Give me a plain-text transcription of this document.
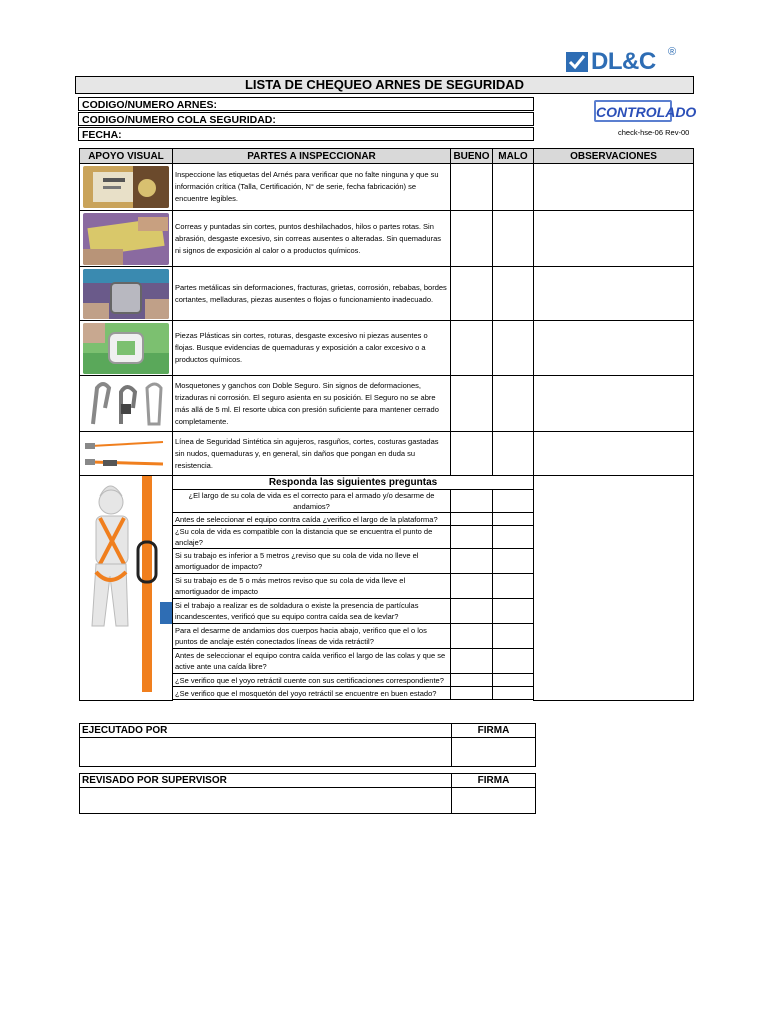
DL&C ®
LISTA DE CHEQUEO ARNES DE SEGURIDAD
CODIGO/NUMERO ARNES:
CODIGO/NUMERO COLA SEGURIDAD:
FECHA:
CONTROLADO
check-hse-06 Rev-00
APOYO VISUAL	PARTES A INSPECCIONAR	BUENO	MALO	OBSERVACIONES

	Inspeccione las etiquetas del Arnés para verificar que no falte ninguna y que su información crítica (Talla, Certificación, N° de serie, fecha fabricación) se encuentre legibles.			

	Correas y puntadas sin cortes, puntos deshilachados, hilos o partes rotas. Sin abrasión, desgaste excesivo, sin correas ausentes o alteradas. Sin quemaduras ni signos de exposición al calor o a productos químicos.			

	Partes metálicas sin deformaciones, fracturas, grietas, corrosión, rebabas, bordes cortantes, melladuras, piezas ausentes o flojas o funcionamiento inadecuado.			

	Piezas Plásticas sin cortes, roturas, desgaste excesivo ni piezas ausentes o flojas. Busque evidencias de quemaduras y exposición a calor excesivo o a productos químicos.			

	Mosquetones y ganchos con Doble Seguro. Sin signos de deformaciones, trizaduras ni corrosión. El seguro asienta en su posición. El Seguro no se abre más allá de 5 ml. El resorte ubica con presión suficiente para mantener cerrado completamente.			

	Línea de Seguridad Sintética sin agujeros, rasguños, cortes, costuras gastadas sin nudos, quemaduras y, en general, sin daños que pongan en duda su resistencia.			

	Responda las siguientes preguntas			
	¿El largo de su cola de vida es el correcto para el armado y/o desarme de andamios?			
	Antes de seleccionar el equipo contra caída ¿verifico el largo de la plataforma?			
	¿Su cola de vida es compatible con la distancia que se encuentra el punto de anclaje?			
	Si su trabajo es inferior a 5 metros ¿reviso que su cola de vida no lleve el amortiguador de impacto?			
	Si su trabajo es de 5 o más metros reviso que su cola de vida lleve el amortiguador de impacto			
	Si el trabajo a realizar es de soldadura o existe la presencia de partículas incandescentes, verificó que su equipo contra caída sea de kevlar?			
	Para el desarme de andamios dos cuerpos hacia abajo, verifico que el o los puntos de anclaje estén conectados líneas de vida retráctil?			
	Antes de seleccionar el equipo contra caída verifico el largo de las colas y que se active ante una caída libre?			
	¿Se verifico que el yoyo retráctil cuente con sus certificaciones correspondiente?			
	¿Se verifico que el mosquetón del yoyo retráctil se encuentre en buen estado?			

EJECUTADO POR	FIRMA

REVISADO POR SUPERVISOR	FIRMA
